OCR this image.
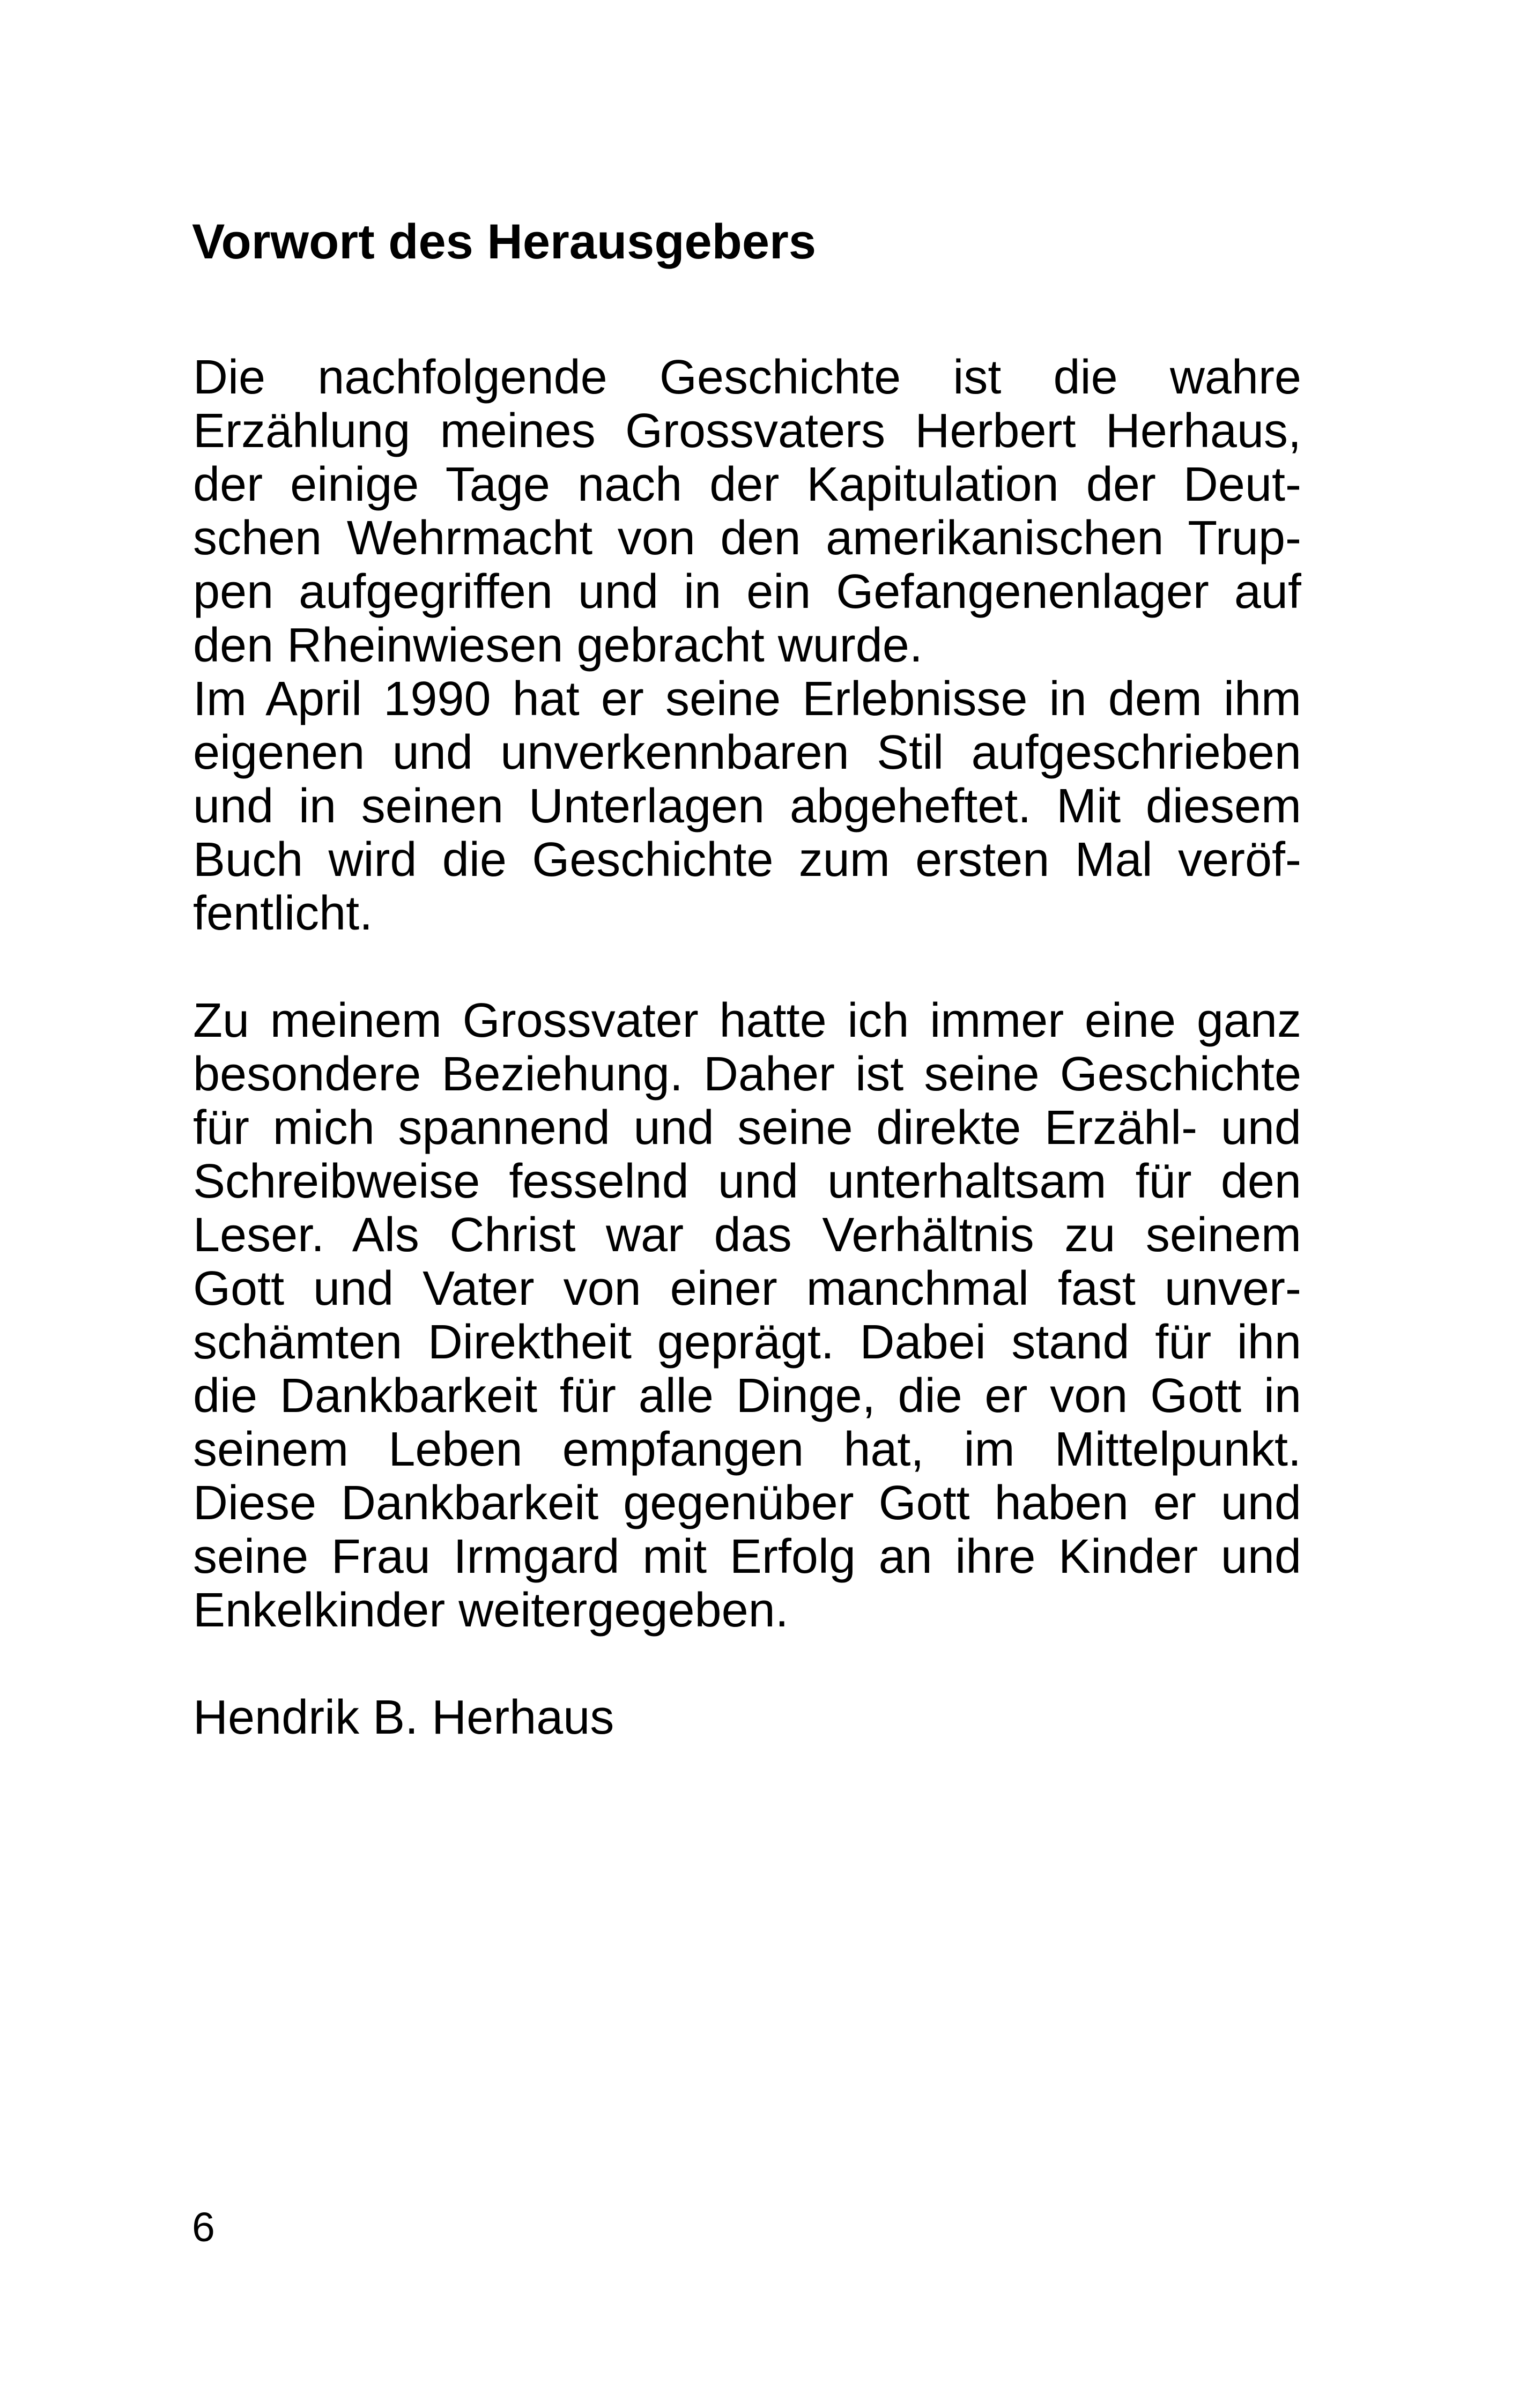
Vorwort des Herausgebers
Die nachfolgende Geschichte ist die wahre
Erzählung meines Grossvaters Herbert Herhaus,
der einige Tage nach der Kapitulation der Deut-
schen Wehrmacht von den amerikanischen Trup-
pen aufgegriffen und in ein Gefangenenlager auf
den Rheinwiesen gebracht wurde.
Im April 1990 hat er seine Erlebnisse in dem ihm
eigenen und unverkennbaren Stil aufgeschrieben
und in seinen Unterlagen abgeheftet. Mit diesem
Buch wird die Geschichte zum ersten Mal veröf-
fentlicht.
Zu meinem Grossvater hatte ich immer eine ganz
besondere Beziehung. Daher ist seine Geschichte
für mich spannend und seine direkte Erzähl- und
Schreibweise fesselnd und unterhaltsam für den
Leser. Als Christ war das Verhältnis zu seinem
Gott und Vater von einer manchmal fast unver-
schämten Direktheit geprägt. Dabei stand für ihn
die Dankbarkeit für alle Dinge, die er von Gott in
seinem Leben empfangen hat, im Mittelpunkt.
Diese Dankbarkeit gegenüber Gott haben er und
seine Frau Irmgard mit Erfolg an ihre Kinder und
Enkelkinder weitergegeben.
Hendrik B. Herhaus
6
